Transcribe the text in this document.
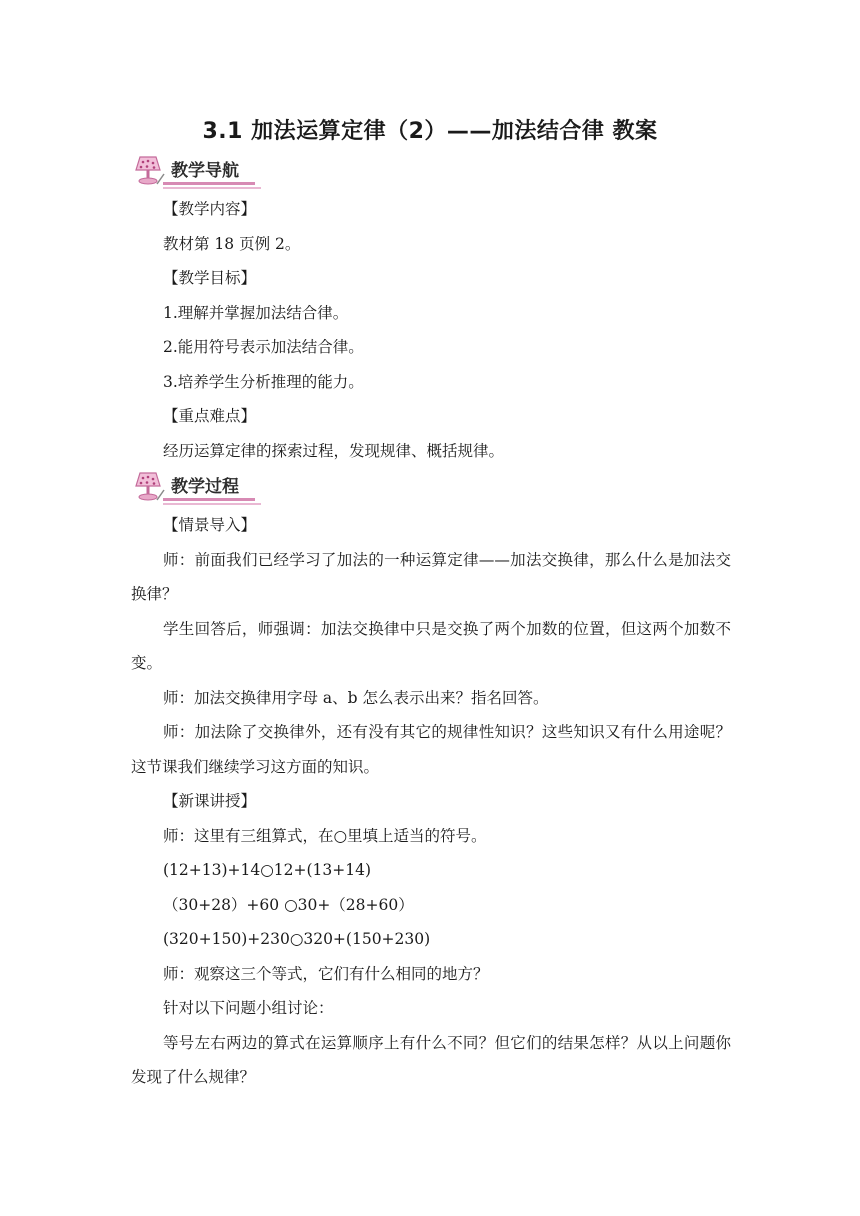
3.1 加法运算定律（2）——加法结合律 教案
教学导航

【教学内容】

教材第 18 页例 2。

【教学目标】

1.理解并掌握加法结合律。

2.能用符号表示加法结合律。

3.培养学生分析推理的能力。

【重点难点】

经历运算定律的探索过程，发现规律、概括规律。

教学过程

【情景导入】

师：前面我们已经学习了加法的一种运算定律——加法交换律，那么什么是加法交换律？

学生回答后，师强调：加法交换律中只是交换了两个加数的位置，但这两个加数不变。

师：加法交换律用字母 a、b 怎么表示出来？指名回答。

师：加法除了交换律外，还有没有其它的规律性知识？这些知识又有什么用途呢？这节课我们继续学习这方面的知识。

【新课讲授】

师：这里有三组算式，在○里填上适当的符号。

(12+13)+14○12+(13+14)

（30+28）+60 ○30+（28+60）

(320+150)+230○320+(150+230)

师：观察这三个等式，它们有什么相同的地方？

针对以下问题小组讨论：

等号左右两边的算式在运算顺序上有什么不同？但它们的结果怎样？从以上问题你发现了什么规律？
